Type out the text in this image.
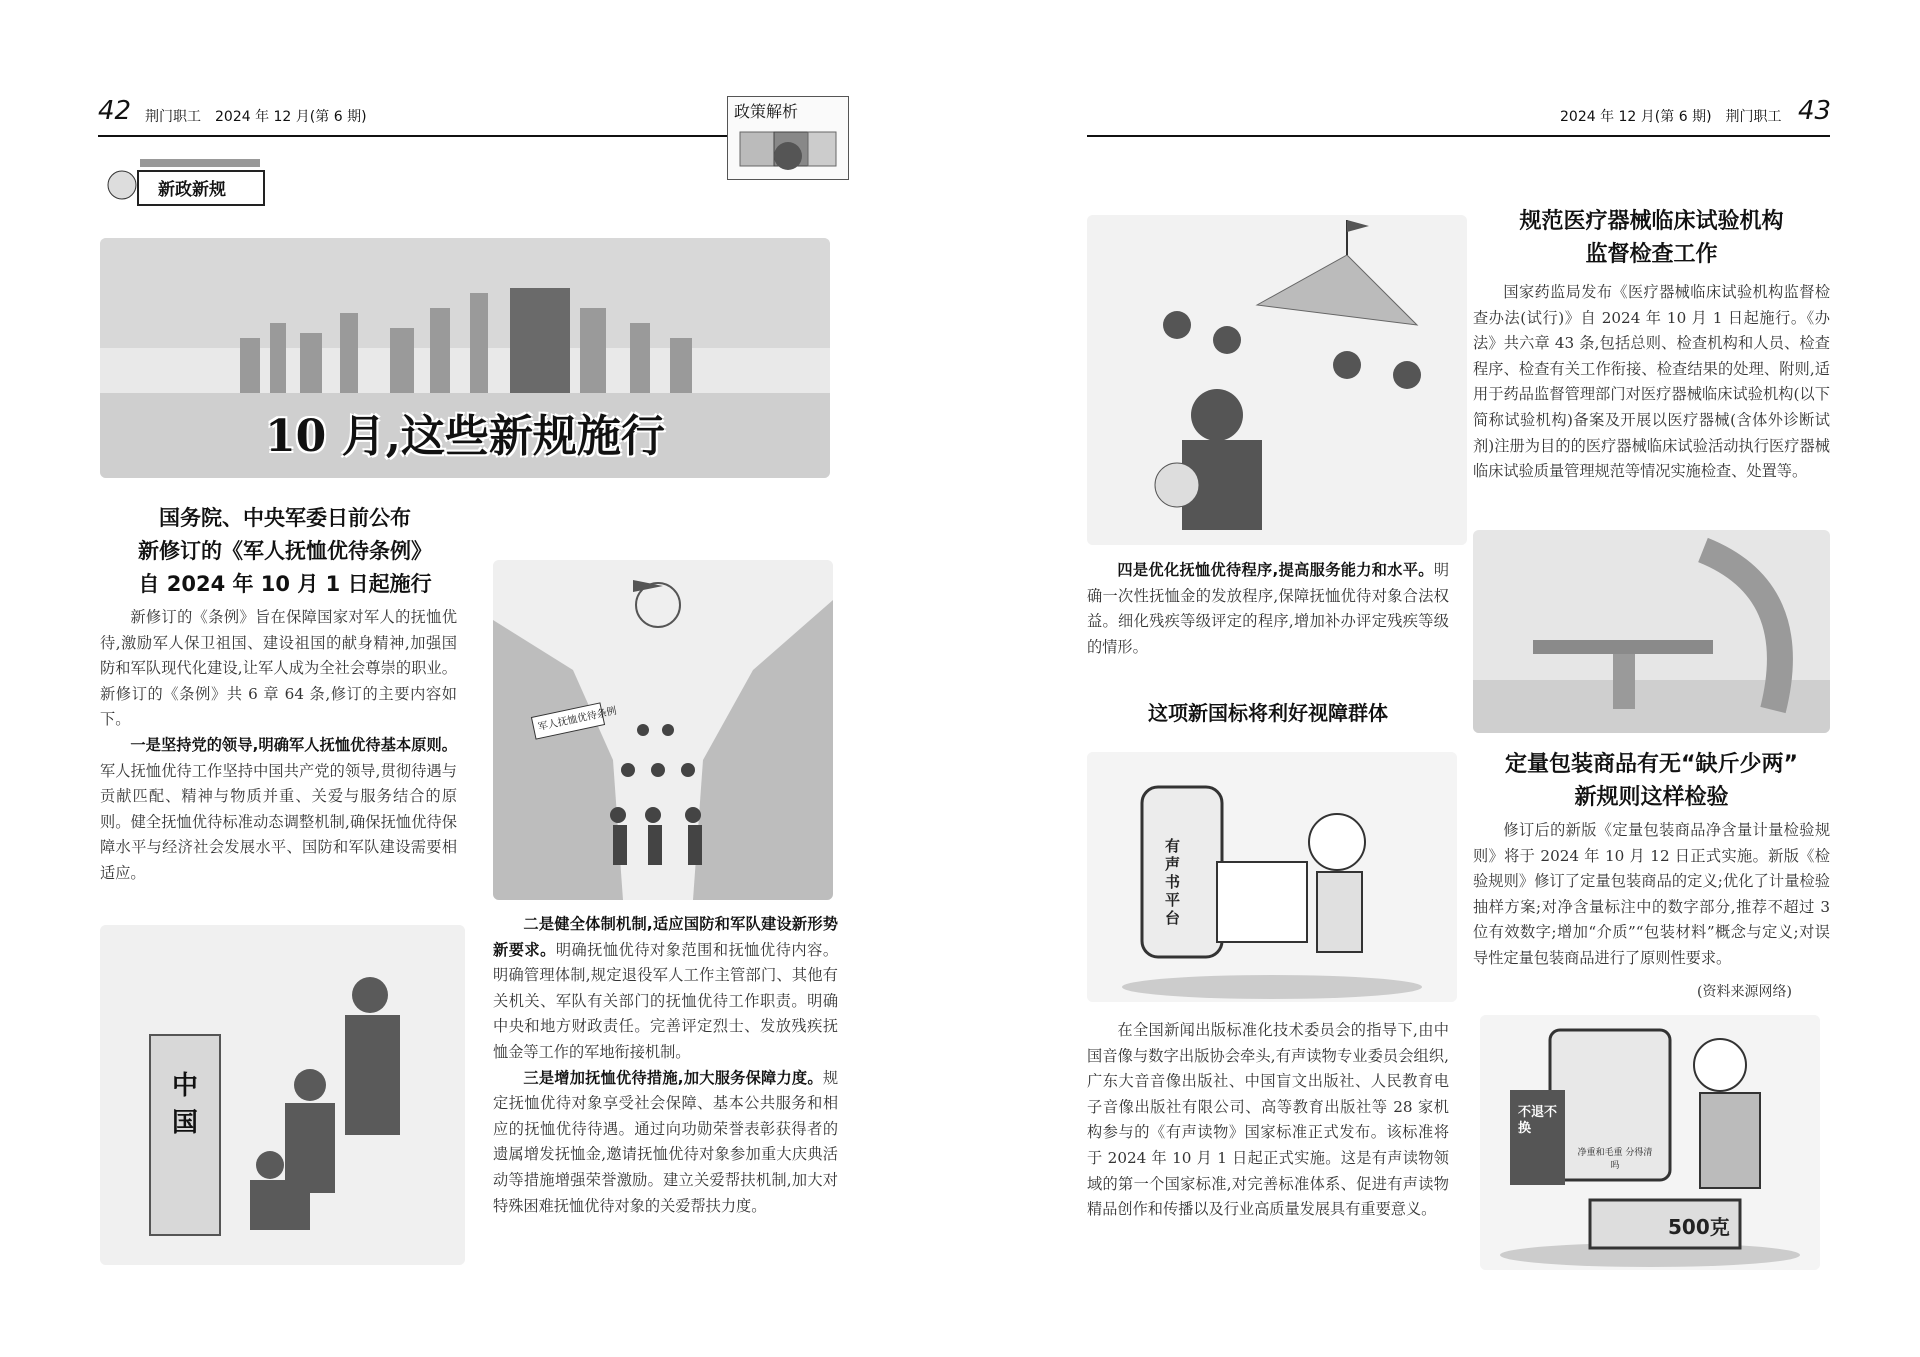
42 荆门职工　2024 年 12 月(第 6 期)	政策解析
新政新规
10 月,这些新规施行
国务院、中央军委日前公布
新修订的《军人抚恤优待条例》
自 2024 年 10 月 1 日起施行

新修订的《条例》旨在保障国家对军人的抚恤优待,激励军人保卫祖国、建设祖国的献身精神,加强国防和军队现代化建设,让军人成为全社会尊崇的职业。新修订的《条例》共 6 章 64 条,修订的主要内容如下。

一是坚持党的领导,明确军人抚恤优待基本原则。军人抚恤优待工作坚持中国共产党的领导,贯彻待遇与贡献匹配、精神与物质并重、关爱与服务结合的原则。健全抚恤优待标准动态调整机制,确保抚恤优待保障水平与经济社会发展水平、国防和军队建设需要相适应。

军人抚恤优待条例
中国

二是健全体制机制,适应国防和军队建设新形势新要求。明确抚恤优待对象范围和抚恤优待内容。明确管理体制,规定退役军人工作主管部门、其他有关机关、军队有关部门的抚恤优待工作职责。明确中央和地方财政责任。完善评定烈士、发放残疾抚恤金等工作的军地衔接机制。

三是增加抚恤优待措施,加大服务保障力度。规定抚恤优待对象享受社会保障、基本公共服务和相应的抚恤优待待遇。通过向功勋荣誉表彰获得者的遗属增发抚恤金,邀请抚恤优待对象参加重大庆典活动等措施增强荣誉激励。建立关爱帮扶机制,加大对特殊困难抚恤优待对象的关爱帮扶力度。

2024 年 12 月(第 6 期)　荆门职工 43

四是优化抚恤优待程序,提高服务能力和水平。明确一次性抚恤金的发放程序,保障抚恤优待对象合法权益。细化残疾等级评定的程序,增加补办评定残疾等级的情形。

这项新国标将利好视障群体
有声书平台

在全国新闻出版标准化技术委员会的指导下,由中国音像与数字出版协会牵头,有声读物专业委员会组织,广东大音音像出版社、中国盲文出版社、人民教育电子音像出版社有限公司、高等教育出版社等 28 家机构参与的《有声读物》国家标准正式发布。该标准将于 2024 年 10 月 1 日起正式实施。这是有声读物领域的第一个国家标准,对完善标准体系、促进有声读物精品创作和传播以及行业高质量发展具有重要意义。

规范医疗器械临床试验机构
监督检查工作

国家药监局发布《医疗器械临床试验机构监督检查办法(试行)》自 2024 年 10 月 1 日起施行。《办法》共六章 43 条,包括总则、检查机构和人员、检查程序、检查有关工作衔接、检查结果的处理、附则,适用于药品监督管理部门对医疗器械临床试验机构(以下简称试验机构)备案及开展以医疗器械(含体外诊断试剂)注册为目的的医疗器械临床试验活动执行医疗器械临床试验质量管理规范等情况实施检查、处置等。

定量包装商品有无“缺斤少两”
新规则这样检验

修订后的新版《定量包装商品净含量计量检验规则》将于 2024 年 10 月 12 日正式实施。新版《检验规则》修订了定量包装商品的定义;优化了计量检验抽样方案;对净含量标注中的数字部分,推荐不超过 3 位有效数字;增加“介质”“包装材料”概念与定义;对误导性定量包装商品进行了原则性要求。

(资料来源网络)
不退不换
500克
净重和毛重 分得清吗
